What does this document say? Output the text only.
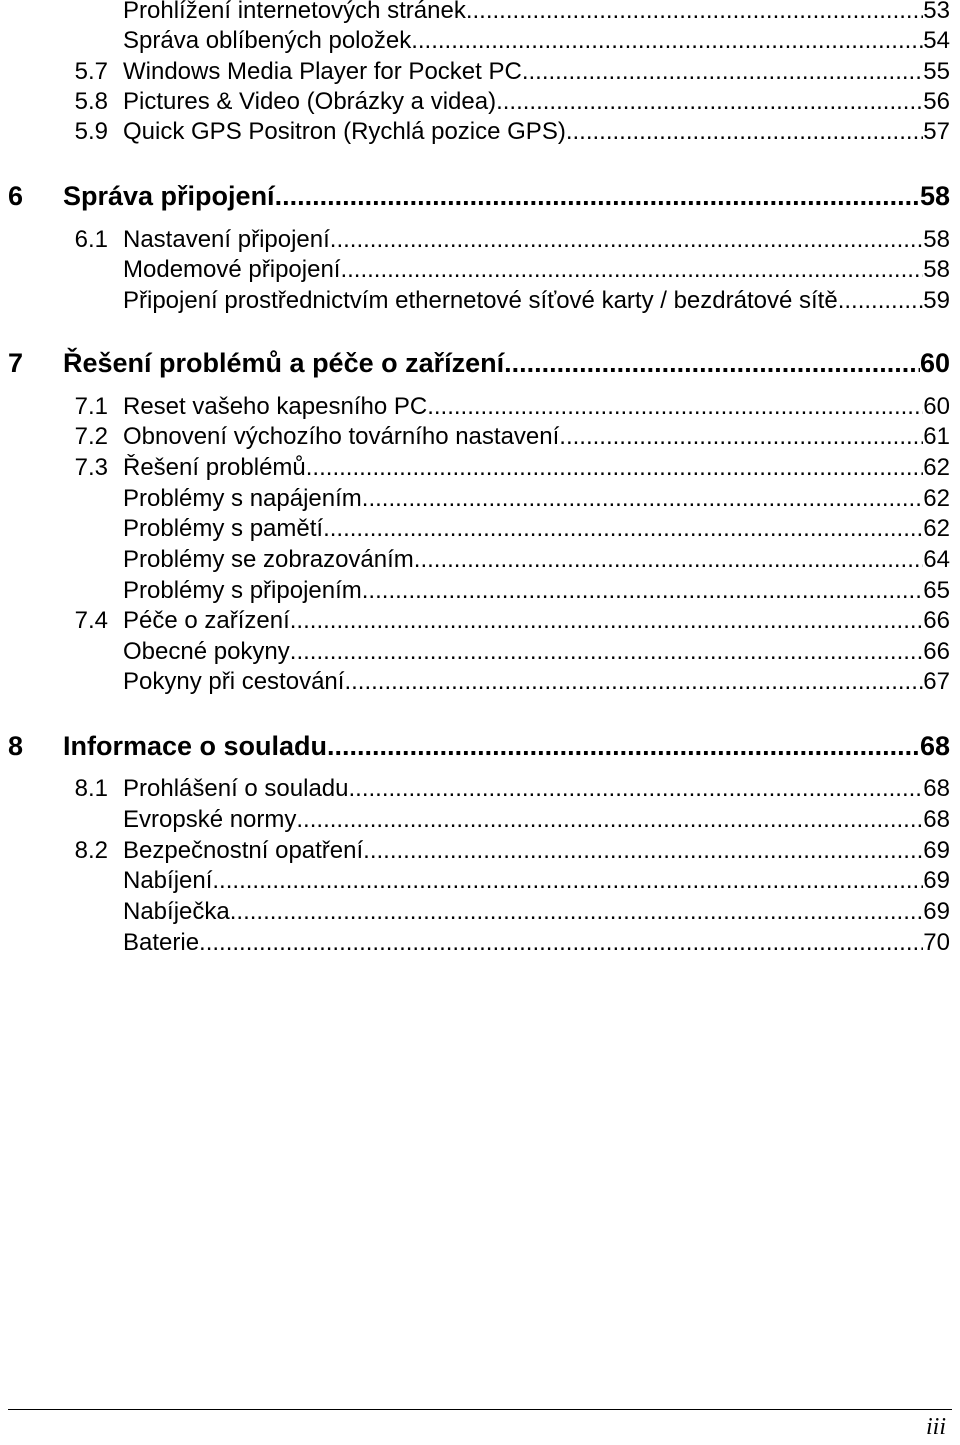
Prohlížení internetových stránek .....	53
Správa oblíbených položek .....	54
5.7 Windows Media Player for Pocket PC .....	55
5.8 Pictures & Video (Obrázky a videa) .....	56
5.9 Quick GPS Positron (Rychlá pozice GPS) .....	57
6 Správa připojení .....	58
6.1 Nastavení připojení .....	58
Modemové připojení .....	58
Připojení prostřednictvím ethernetové síťové karty / bezdrátové sítě .....	59
7 Řešení problémů a péče o zařízení .....	60
7.1 Reset vašeho kapesního PC .....	60
7.2 Obnovení výchozího továrního nastavení .....	61
7.3 Řešení problémů .....	62
Problémy s napájením .....	62
Problémy s pamětí .....	62
Problémy se zobrazováním .....	64
Problémy s připojením .....	65
7.4 Péče o zařízení .....	66
Obecné pokyny .....	66
Pokyny při cestování .....	67
8 Informace o souladu .....	68
8.1 Prohlášení o souladu .....	68
Evropské normy .....	68
8.2 Bezpečnostní opatření .....	69
Nabíjení .....	69
Nabíječka .....	69
Baterie .....	70
iii
